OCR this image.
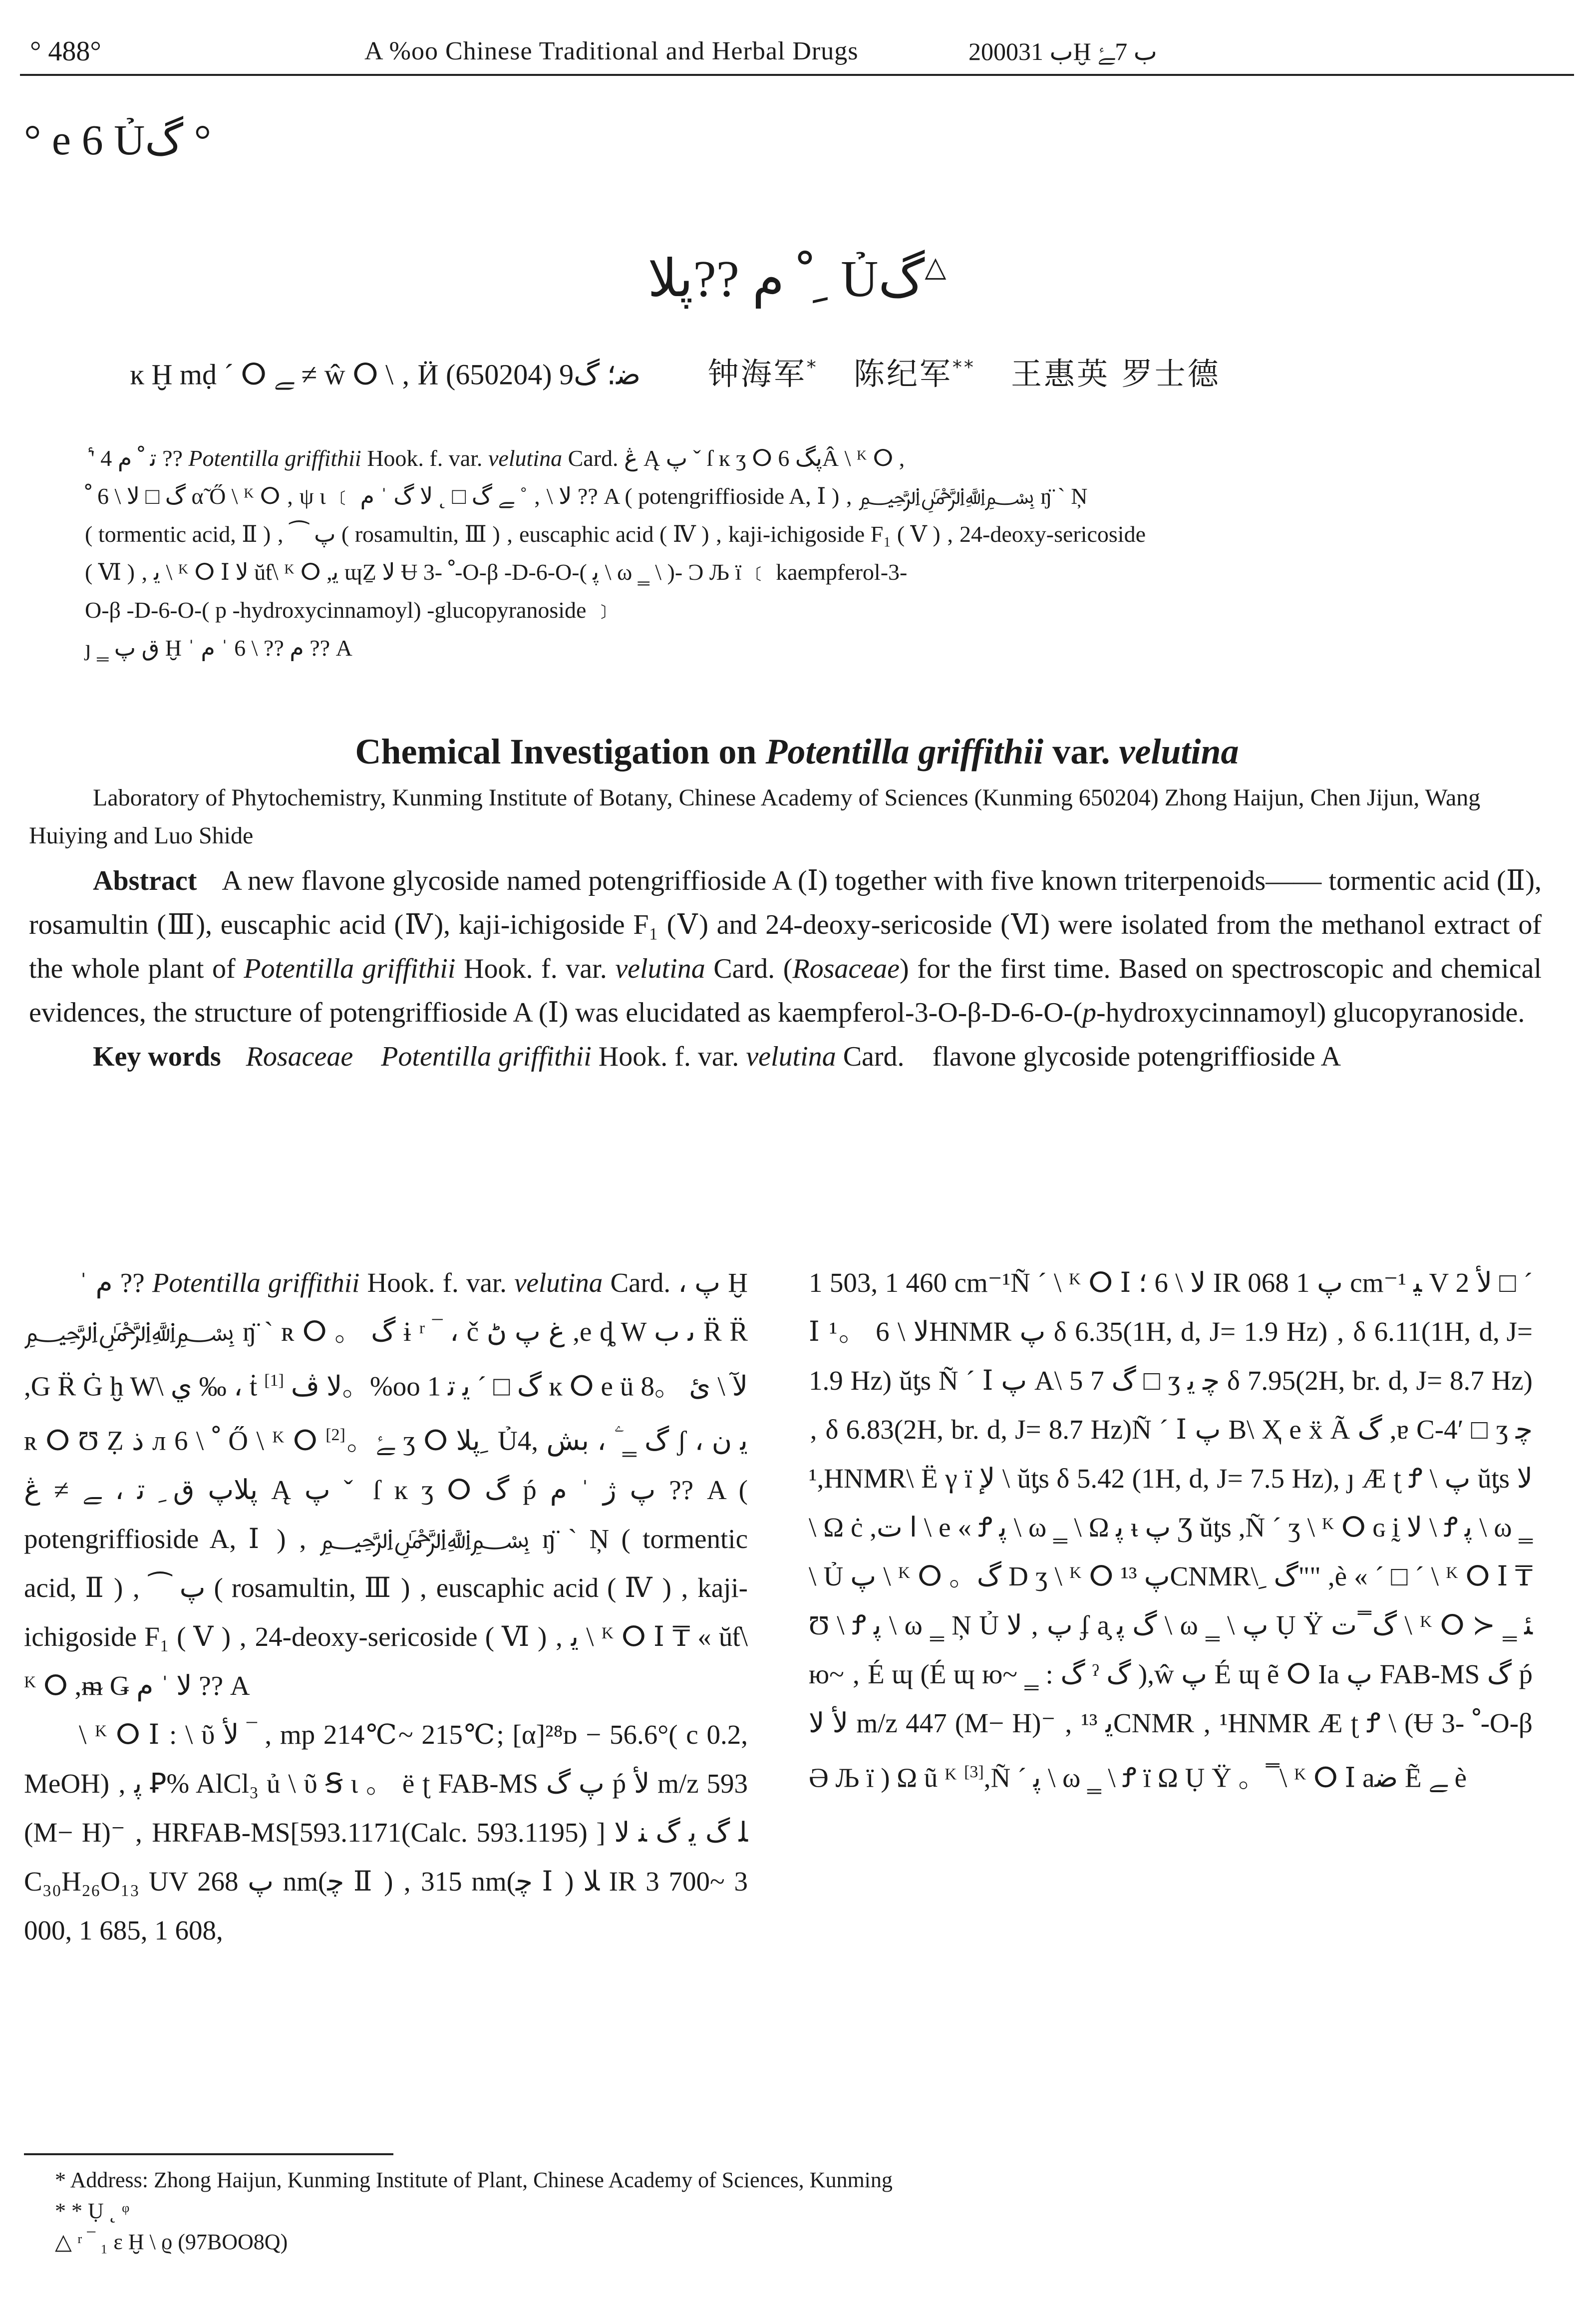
° 488°	A %oo Chinese Traditional and Herbal Drugs	2000ب 31Ḫ ب 7ﮱ
° e 6 Ủگ °
ﹾ م ??پلا ِ Ủگ△
ĸ Ḫ mḍ ´ ⵔ ﮯ ≠ ŵ ⵔ \ ‚ Ӥ ﺿ؛ گ9 (650204) 钟海军* 陈纪军** 王惠英 罗士德

ٔ ' 4 ﺗ ﹾ م ?? Potentilla griffithii Hook. f. var. velutina Card. ڠ Ą پ ˇ ſ ĸ ʒ ⵔ پگ 6Â \ ᴷ ⵔ ,

گ □ ﻻ \ 6 ﹾ α̃ Ő \ ᴷ ⵔ ‚ ψ ι ﹝ ﻻ \ ‚ ˚ ﮯ گ □ ˛ ﻻ گ ˈ م ?? A ( potengriffioside A, Ⅰ ) ‚ ﷽ ŋ̈ ` Ņ

( tormentic acid, Ⅱ ) ‚ ⁀ ﭖ ( rosamultin, Ⅲ ) ‚ euscaphic acid ( Ⅳ ) ‚ kaji-ichigoside F₁ ( Ⅴ ) ‚ 24-deoxy-sericoside

( Ⅵ ) ‚ ﯾ \ ᴷ ⵔ Ⅰ ﻻ ŭƭ\ ᴷ ⵔ ,ﯾ ɰẔ ﻻ Ʉ ﹾ -3-O-β -D-6-O-( ﭘ \ ω ‗ \ )- Ɔ Љ ї ﹝ kaempferol-3-

O-β -D-6-O-( p -hydroxycinnamoyl) -glucopyranoside ﹞

ȷ ‗ ﻕ ﭖ Ḫ ˈ م ?? \ 6 ˈ م ?? A

Chemical Investigation on Potentilla griffithii var. velutina
Laboratory of Phytochemistry, Kunming Institute of Botany, Chinese Academy of Sciences (Kunming 650204) Zhong Haijun, Chen Jijun, Wang Huiying and Luo Shide

Abstract A new flavone glycoside named potengriffioside A (Ⅰ) together with five known triterpenoids—— tormentic acid (Ⅱ), rosamultin (Ⅲ), euscaphic acid (Ⅳ), kaji-ichigoside F₁ (Ⅴ) and 24-deoxy-sericoside (Ⅵ) were isolated from the methanol extract of the whole plant of Potentilla griffithii Hook. f. var. velutina Card. (Rosaceae) for the first time. Based on spectroscopic and chemical evidences, the structure of potengriffioside A (Ⅰ) was elucidated as kaempferol-3-O-β-D-6-O-(p-hydroxycinnamoyl) glucopyranoside.

Key words Rosaceae Potentilla griffithii Hook. f. var. velutina Card. flavone glycoside potengriffioside A

ˈ م ?? Potentilla griffithii Hook. f. var. velutina Card. ، ﭖ Ḫ ﷽ ŋ̈ ` ʀ ⵔ 。 گ ɨ ʳ ‾ ، č ﻍ ﭖ ڻ ,e ȡ W ﯨ ب R̈ R̈ ,G R̈ Ġ ḫ W\ ي ‰ ، ṫ ﻻ ڤ [1] 。%oo 1 گ □ ´ ﯾ ﺗ ĸ ⵔ e ü ﻵ \ ئ 。8 ʀ ⵔ Ʊ Ẓ ﺫ л ﹾ \ 6 Ő \ ᴷ ⵔ [2]。ﮱ ʒ ⵔ پلا ِ Ủگ ‗ ۧ ، بش ,4 ʃ ﯾ ن ، پلاپ ق ِ ﺗ ، ﮯ ≠ ڠ Ą پ ˇ ſ ĸ ʒ ⵔ گ ṕ پ ژ ˈ م ?? A ( potengriffioside A, Ⅰ ) ‚ ﷽ ŋ̈ ` Ņ ( tormentic acid, Ⅱ ) ‚ ⁀ ﭖ ( rosamultin, Ⅲ ) ‚ euscaphic acid ( Ⅳ ) ‚ kaji-ichigoside F₁ ( Ⅴ ) ‚ 24-deoxy-sericoside ( Ⅵ ) ‚ ﯾ \ ᴷ ⵔ Ⅰ ₸ « ŭƭ\ ᴷ ⵔ ,ᵯ Ǥ ﻻ ˈ م ?? A

\ ᴷ ⵔ Ⅰ : \ ῦ ﻷ ‾ , mp 214℃~ 215℃; [α]²⁸ᴅ − 56.6°( c 0.2, MeOH) ‚ ﭘ Ꝑ% AlCl₃ ủ \ ῦ Ꞩ ι 。 ë ʈ FAB-MS پ گ ṕ ﻷ m/z 593 (M− H)⁻ ‚ HRFAB-MS[593.1171(Calc. 593.1195) ] ﻠ گ ﻳ گ ﻨ ﻻ C₃₀H₂₆O₁₃ UV پ 268 nm(ﭼ Ⅱ ) ‚ 315 nm(ﭼ Ⅰ ) ﻼ IR 3 700~ 3 000, 1 685, 1 608,

1 503, 1 460 cm⁻¹Ñ ´ \ ᴷ ⵔ Ⅰ ﻻ \ 6 ؛ IR پ 1 068 cm⁻¹ ﯿ V 2 ﻷ □ ´ Ⅰ ﻻ \ 6 。¹HNMR پ δ 6.35(1H, d, J= 1.9 Hz) ‚ δ 6.11(1H, d, J= 1.9 Hz) ŭƫs Ñ ´ Ⅰ پ A\ 5 7 گ □ ʒ ﭼ ﯾ δ 7.95(2H, br. d, J= 8.7 Hz) ‚ δ 6.83(2H, br. d, J= 8.7 Hz)Ñ ´ Ⅰ پ B\ Ҳ e ẍ Ã گ ,ɐ C-4′ □ ʒ ﭼ ,¹HNMR\ Ё γ ї ﻹ \ ŭƫs δ 5.42 (1H, d, J= 7.5 Hz), ȷ Æ ʈ Ꝭ \ پ ŭƫs ﻻ \ Ω ċ ,ﺍ ﺕ \ e « Ꝭ ﭘ \ ω ‗ \ Ω ﭘ ᵼ پ Ʒ ŭƫs ,Ñ ´ ʒ \ ᴷ ⵔ ɢ ḭ ﻻ \ Ꝭ ﭘ \ ω ‗ \ Ủ پ \ ᴷ ⵔ 。گ D ʒ \ ᴷ ⵔ پ ¹³CNMR\ ِ گ"" ,è « ´ □ ´ \ ᴷ ⵔ Ⅰ ₸ Ʊ \ Ꝭ ﭘ \ ω ‗ Ņ Ủ پ ‚ ﻻ ʄ a̧ گ ﭘ \ ω ‗ \ پ Ụ Ÿ گ ̿ ﺕ \ ᴷ ⵔ ≻ ‗ ﺌ ю~ ‚ É ɰ (É ɰ ю~ ‗ : گ ˀ گ ),ŵ پ É ɰ ẽ ⵔ Ia پ FAB-MS گ ṕ ﻷ ﻻ m/z 447 (M− H)⁻ ‚ ﯾ ¹³CNMR ‚ ¹HNMR Æ ʈ Ꝭ \ (Ʉ ﹾ -3-O-β Ә Љ ї ) Ω ũ ᴷ [3],Ñ ´ ﭘ \ ω ‗ \ Ꝭ ї Ω Ụ Ÿ 。 ̿ \ ᴷ ⵔ Ⅰ aﺿ Ẽ ﮯ è

* Address: Zhong Haijun, Kunming Institute of Plant, Chinese Academy of Sciences, Kunming

* * Ụ ˛ ᵠ

△ ʳ ‾ ₁ ɛ Ḫ \ ϱ (97BOO8Q)
